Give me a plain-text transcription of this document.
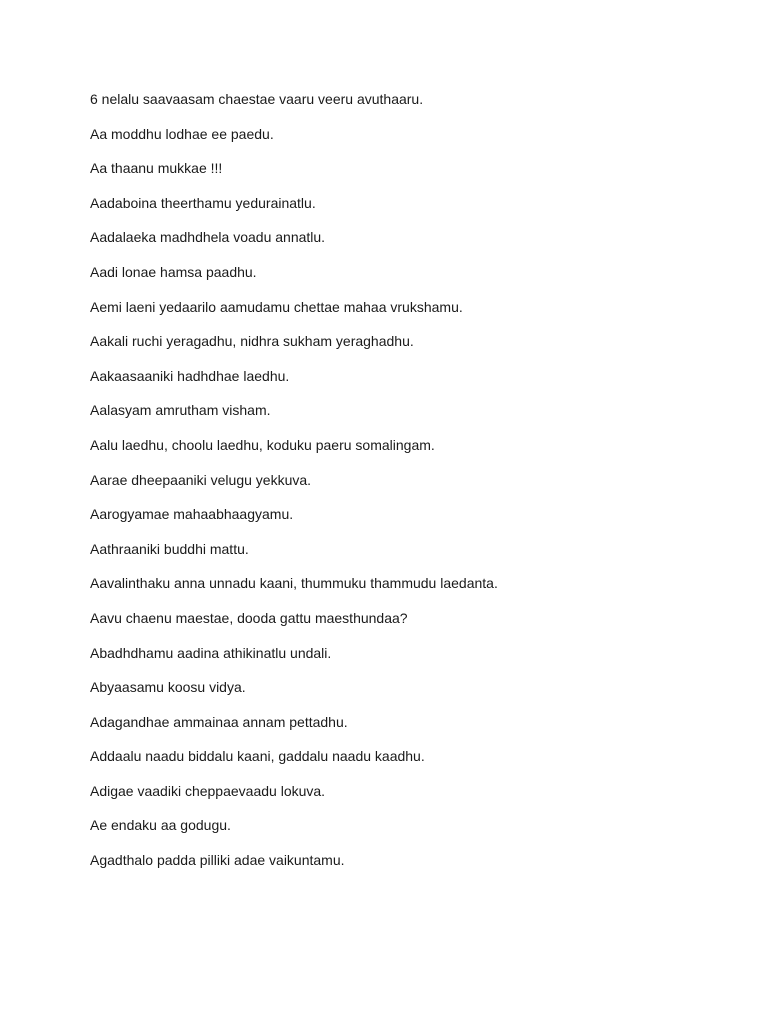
6 nelalu saavaasam chaestae vaaru veeru avuthaaru.
Aa moddhu lodhae ee paedu.
Aa thaanu mukkae !!!
Aadaboina theerthamu yedurainatlu.
Aadalaeka madhdhela voadu annatlu.
Aadi lonae hamsa paadhu.
Aemi laeni yedaarilo aamudamu chettae mahaa vrukshamu.
Aakali ruchi yeragadhu, nidhra sukham yeraghadhu.
Aakaasaaniki hadhdhae laedhu.
Aalasyam amrutham visham.
Aalu laedhu, choolu laedhu, koduku paeru somalingam.
Aarae dheepaaniki velugu yekkuva.
Aarogyamae mahaabhaagyamu.
Aathraaniki buddhi mattu.
Aavalinthaku anna unnadu kaani, thummuku thammudu laedanta.
Aavu chaenu maestae, dooda gattu maesthundaa?
Abadhdhamu aadina athikinatlu undali.
Abyaasamu koosu vidya.
Adagandhae ammainaa annam pettadhu.
Addaalu naadu biddalu kaani, gaddalu naadu kaadhu.
Adigae vaadiki cheppaevaadu lokuva.
Ae endaku aa godugu.
Agadthalo padda pilliki adae vaikuntamu.
